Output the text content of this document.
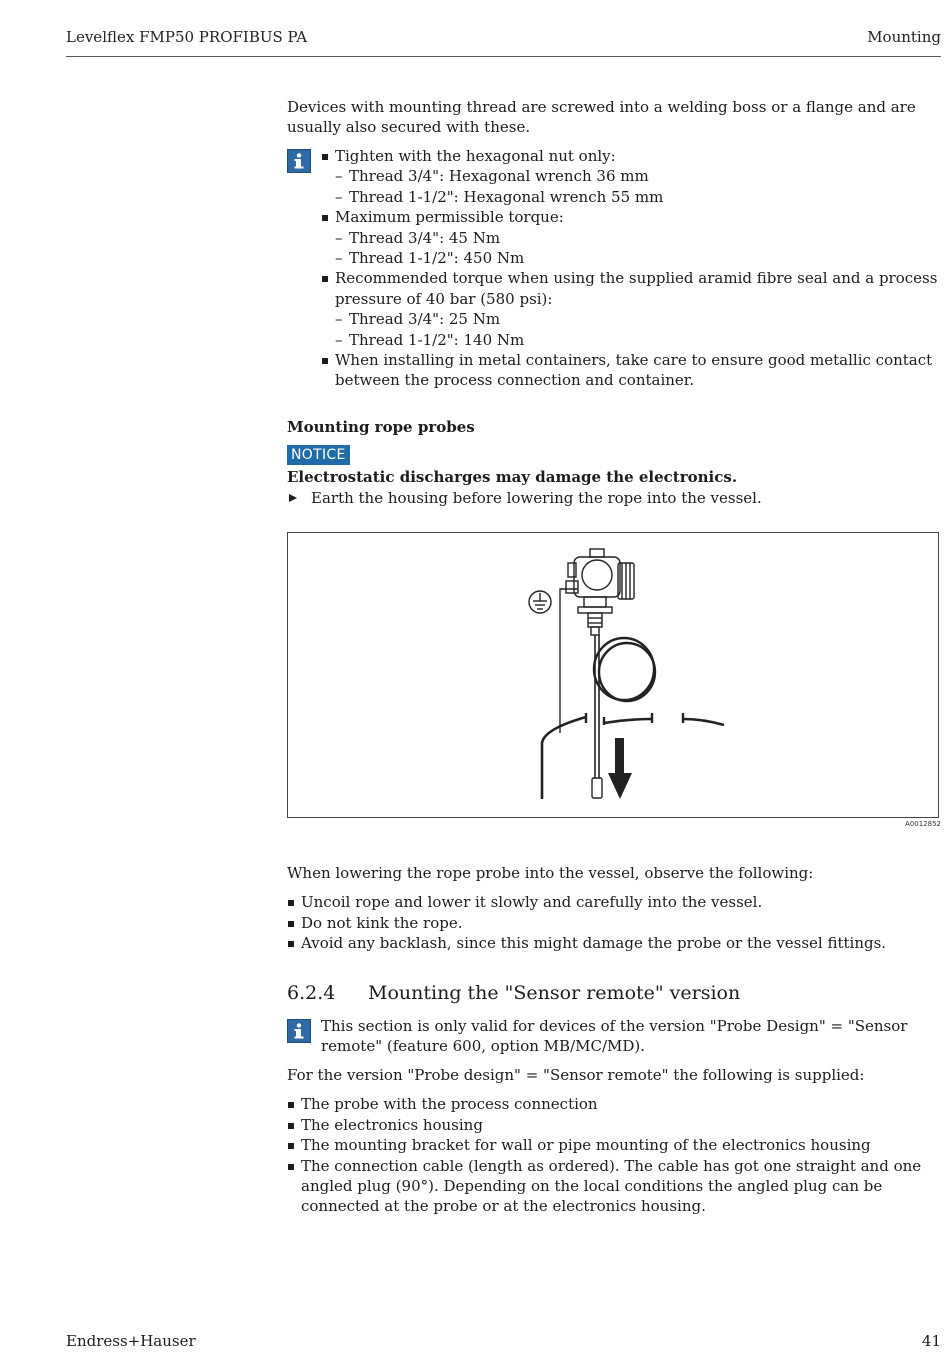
Levelflex FMP50 PROFIBUS PA	Mounting

Devices with mounting thread are screwed into a welding boss or a flange and are usually also secured with these.

Tighten with the hexagonal nut only:
– Thread 3/4": Hexagonal wrench 36 mm
– Thread 1-1/2": Hexagonal wrench 55 mm
Maximum permissible torque:
– Thread 3/4": 45 Nm
– Thread 1-1/2": 450 Nm
Recommended torque when using the supplied aramid fibre seal and a process pressure of 40 bar (580 psi):
– Thread 3/4": 25 Nm
– Thread 1-1/2": 140 Nm
When installing in metal containers, take care to ensure good metallic contact between the process connection and container.

Mounting rope probes

NOTICE

Electrostatic discharges may damage the electronics.

Earth the housing before lowering the rope into the vessel.

A0012852

When lowering the rope probe into the vessel, observe the following:

Uncoil rope and lower it slowly and carefully into the vessel.
Do not kink the rope.
Avoid any backlash, since this might damage the probe or the vessel fittings.
6.2.4 Mounting the "Sensor remote" version

This section is only valid for devices of the version "Probe Design" = "Sensor remote" (feature 600, option MB/MC/MD).

For the version "Probe design" = "Sensor remote" the following is supplied:

The probe with the process connection
The electronics housing
The mounting bracket for wall or pipe mounting of the electronics housing
The connection cable (length as ordered). The cable has got one straight and one angled plug (90°). Depending on the local conditions the angled plug can be connected at the probe or at the electronics housing.
Endress+Hauser	41
